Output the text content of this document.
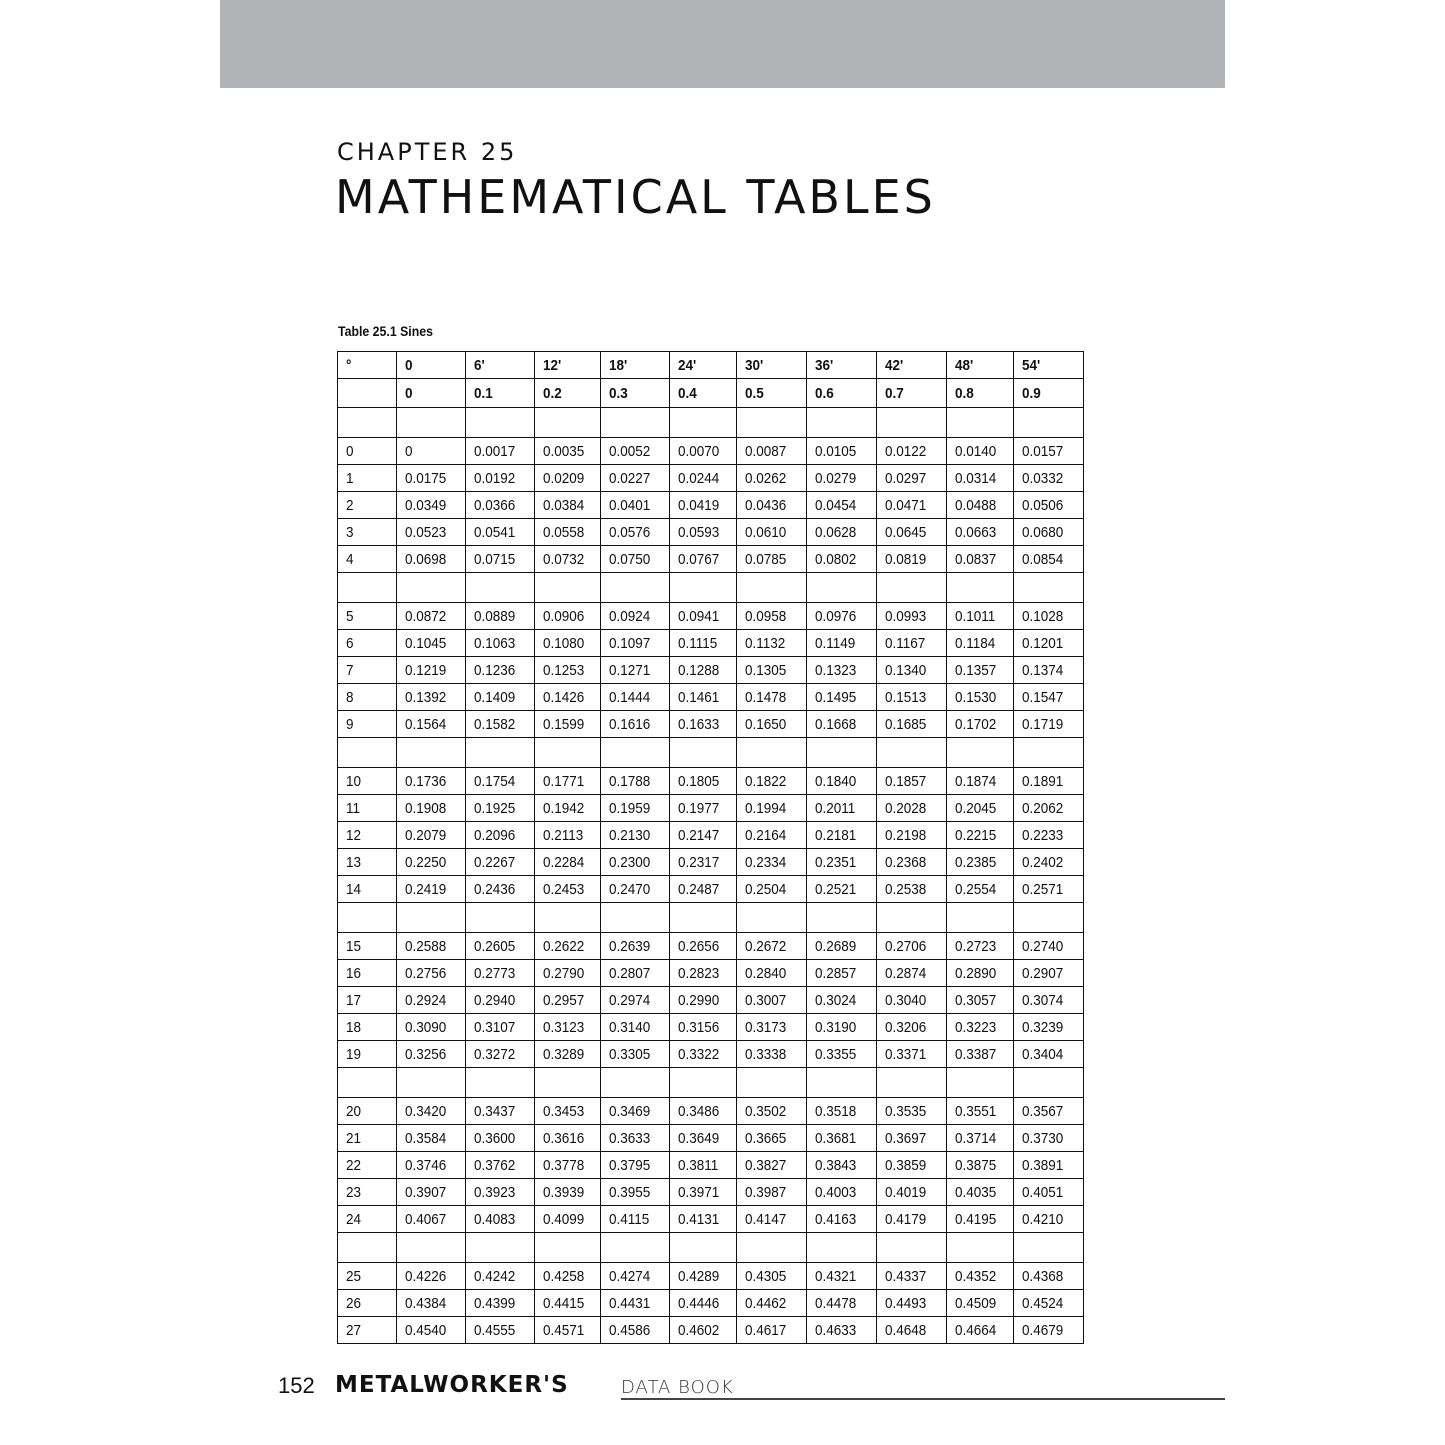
CHAPTER 25
MATHEMATICAL TABLES
Table 25.1 Sines
°	0	6'	12'	18'	24'	30'	36'	42'	48'	54'
	0	0.1	0.2	0.3	0.4	0.5	0.6	0.7	0.8	0.9

0	0	0.0017	0.0035	0.0052	0.0070	0.0087	0.0105	0.0122	0.0140	0.0157
1	0.0175	0.0192	0.0209	0.0227	0.0244	0.0262	0.0279	0.0297	0.0314	0.0332
2	0.0349	0.0366	0.0384	0.0401	0.0419	0.0436	0.0454	0.0471	0.0488	0.0506
3	0.0523	0.0541	0.0558	0.0576	0.0593	0.0610	0.0628	0.0645	0.0663	0.0680
4	0.0698	0.0715	0.0732	0.0750	0.0767	0.0785	0.0802	0.0819	0.0837	0.0854

5	0.0872	0.0889	0.0906	0.0924	0.0941	0.0958	0.0976	0.0993	0.1011	0.1028
6	0.1045	0.1063	0.1080	0.1097	0.1115	0.1132	0.1149	0.1167	0.1184	0.1201
7	0.1219	0.1236	0.1253	0.1271	0.1288	0.1305	0.1323	0.1340	0.1357	0.1374
8	0.1392	0.1409	0.1426	0.1444	0.1461	0.1478	0.1495	0.1513	0.1530	0.1547
9	0.1564	0.1582	0.1599	0.1616	0.1633	0.1650	0.1668	0.1685	0.1702	0.1719

10	0.1736	0.1754	0.1771	0.1788	0.1805	0.1822	0.1840	0.1857	0.1874	0.1891
11	0.1908	0.1925	0.1942	0.1959	0.1977	0.1994	0.2011	0.2028	0.2045	0.2062
12	0.2079	0.2096	0.2113	0.2130	0.2147	0.2164	0.2181	0.2198	0.2215	0.2233
13	0.2250	0.2267	0.2284	0.2300	0.2317	0.2334	0.2351	0.2368	0.2385	0.2402
14	0.2419	0.2436	0.2453	0.2470	0.2487	0.2504	0.2521	0.2538	0.2554	0.2571

15	0.2588	0.2605	0.2622	0.2639	0.2656	0.2672	0.2689	0.2706	0.2723	0.2740
16	0.2756	0.2773	0.2790	0.2807	0.2823	0.2840	0.2857	0.2874	0.2890	0.2907
17	0.2924	0.2940	0.2957	0.2974	0.2990	0.3007	0.3024	0.3040	0.3057	0.3074
18	0.3090	0.3107	0.3123	0.3140	0.3156	0.3173	0.3190	0.3206	0.3223	0.3239
19	0.3256	0.3272	0.3289	0.3305	0.3322	0.3338	0.3355	0.3371	0.3387	0.3404

20	0.3420	0.3437	0.3453	0.3469	0.3486	0.3502	0.3518	0.3535	0.3551	0.3567
21	0.3584	0.3600	0.3616	0.3633	0.3649	0.3665	0.3681	0.3697	0.3714	0.3730
22	0.3746	0.3762	0.3778	0.3795	0.3811	0.3827	0.3843	0.3859	0.3875	0.3891
23	0.3907	0.3923	0.3939	0.3955	0.3971	0.3987	0.4003	0.4019	0.4035	0.4051
24	0.4067	0.4083	0.4099	0.4115	0.4131	0.4147	0.4163	0.4179	0.4195	0.4210

25	0.4226	0.4242	0.4258	0.4274	0.4289	0.4305	0.4321	0.4337	0.4352	0.4368
26	0.4384	0.4399	0.4415	0.4431	0.4446	0.4462	0.4478	0.4493	0.4509	0.4524
27	0.4540	0.4555	0.4571	0.4586	0.4602	0.4617	0.4633	0.4648	0.4664	0.4679
152 METALWORKER'S	DATA BOOK
